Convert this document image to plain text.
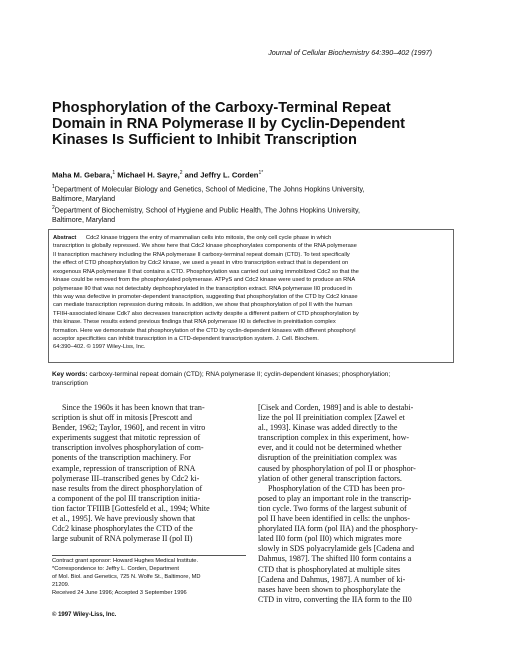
Journal of Cellular Biochemistry 64:390–402 (1997)
Phosphorylation of the Carboxy-Terminal Repeat
Domain in RNA Polymerase II by Cyclin-Dependent
Kinases Is Sufficient to Inhibit Transcription
Maha M. Gebara,$^1$ Michael H. Sayre,$^2$ and Jeffry L. Corden$^{1*}$

$^1$Department of Molecular Biology and Genetics, School of Medicine, The Johns Hopkins University, Baltimore, Maryland

$^2$Department of Biochemistry, School of Hygiene and Public Health, The Johns Hopkins University, Baltimore, Maryland

Abstract Cdc2 kinase triggers the entry of mammalian cells into mitosis, the only cell cycle phase in which
transcription is globally repressed. We show here that Cdc2 kinase phosphorylates components of the RNA polymerase
II transcription machinery including the RNA polymerase II carboxy-terminal repeat domain (CTD). To test specifically
the effect of CTD phosphorylation by Cdc2 kinase, we used a yeast in vitro transcription extract that is dependent on
exogenous RNA polymerase II that contains a CTD. Phosphorylation was carried out using immobilized Cdc2 so that the
kinase could be removed from the phosphorylated polymerase. ATPγS and Cdc2 kinase were used to produce an RNA
polymerase II0 that was not detectably dephosphorylated in the transcription extract. RNA polymerase II0 produced in
this way was defective in promoter-dependent transcription, suggesting that phosphorylation of the CTD by Cdc2 kinase
can mediate transcription repression during mitosis. In addition, we show that phosphorylation of pol II with the human
TFIIH-associated kinase Cdk7 also decreases transcription activity despite a different pattern of CTD phosphorylation by
this kinase. These results extend previous findings that RNA polymerase II0 is defective in preinitiation complex
formation. Here we demonstrate that phosphorylation of the CTD by cyclin-dependent kinases with different phosphoryl
acceptor specificities can inhibit transcription in a CTD-dependent transcription system. J. Cell. Biochem.
64:390–402. © 1997 Wiley-Liss, Inc.
Key words: carboxy-terminal repeat domain (CTD); RNA polymerase II; cyclin-dependent kinases; phosphorylation;
transcription
Since the 1960s it has been known that tran-
scription is shut off in mitosis [Prescott and
Bender, 1962; Taylor, 1960], and recent in vitro
experiments suggest that mitotic repression of
transcription involves phosphorylation of com-
ponents of the transcription machinery. For
example, repression of transcription of RNA
polymerase III–transcribed genes by Cdc2 ki-
nase results from the direct phosphorylation of
a component of the pol III transcription initia-
tion factor TFIIIB [Gottesfeld et al., 1994; White
et al., 1995]. We have previously shown that
Cdc2 kinase phosphorylates the CTD of the
large subunit of RNA polymerase II (pol II)
[Cisek and Corden, 1989] and is able to destabi-
lize the pol II preinitiation complex [Zawel et
al., 1993]. Kinase was added directly to the
transcription complex in this experiment, how-
ever, and it could not be determined whether
disruption of the preinitiation complex was
caused by phosphorylation of pol II or phosphor-
ylation of other general transcription factors.
Phosphorylation of the CTD has been pro-
posed to play an important role in the transcrip-
tion cycle. Two forms of the largest subunit of
pol II have been identified in cells: the unphos-
phorylated IIA form (pol IIA) and the phosphory-
lated II0 form (pol II0) which migrates more
slowly in SDS polyacrylamide gels [Cadena and
Dahmus, 1987]. The shifted II0 form contains a
CTD that is phosphorylated at multiple sites
[Cadena and Dahmus, 1987]. A number of ki-
nases have been shown to phosphorylate the
CTD in vitro, converting the IIA form to the II0
Contract grant sponsor: Howard Hughes Medical Institute.
*Correspondence to: Jeffry L. Corden, Department
of Mol. Biol. and Genetics, 725 N. Wolfe St., Baltimore, MD
21209.
Received 24 June 1996; Accepted 3 September 1996
© 1997 Wiley-Liss, Inc.
